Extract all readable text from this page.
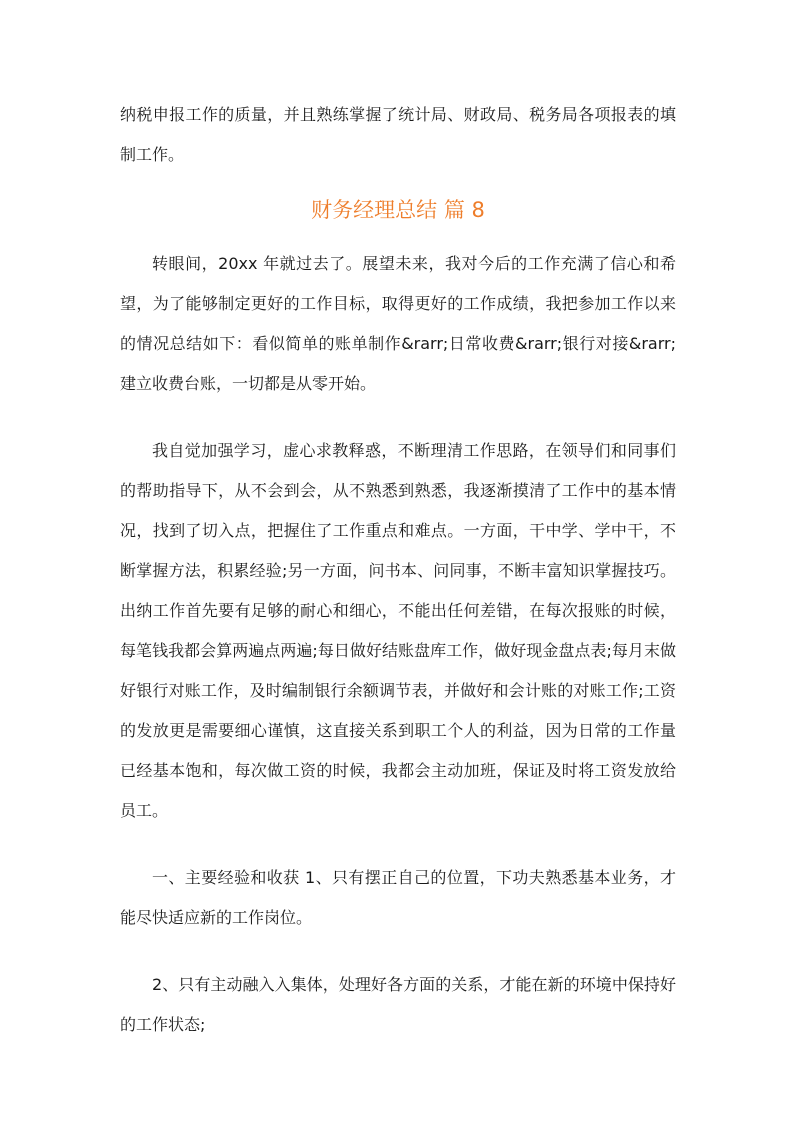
纳税申报工作的质量，并且熟练掌握了统计局、财政局、税务局各项报表的填制工作。

财务经理总结 篇 8

转眼间，20xx 年就过去了。展望未来，我对今后的工作充满了信心和希望，为了能够制定更好的工作目标，取得更好的工作成绩，我把参加工作以来的情况总结如下：看似简单的账单制作&rarr;日常收费&rarr;银行对接&rarr;建立收费台账，一切都是从零开始。

我自觉加强学习，虚心求教释惑，不断理清工作思路，在领导们和同事们的帮助指导下，从不会到会，从不熟悉到熟悉，我逐渐摸清了工作中的基本情况，找到了切入点，把握住了工作重点和难点。一方面，干中学、学中干，不断掌握方法，积累经验;另一方面，问书本、问同事，不断丰富知识掌握技巧。出纳工作首先要有足够的耐心和细心，不能出任何差错，在每次报账的时候，每笔钱我都会算两遍点两遍;每日做好结账盘库工作，做好现金盘点表;每月末做好银行对账工作，及时编制银行余额调节表，并做好和会计账的对账工作;工资的发放更是需要细心谨慎，这直接关系到职工个人的利益，因为日常的工作量已经基本饱和，每次做工资的时候，我都会主动加班，保证及时将工资发放给员工。

一、主要经验和收获 1、只有摆正自己的位置，下功夫熟悉基本业务，才能尽快适应新的工作岗位。

2、只有主动融入入集体，处理好各方面的关系，才能在新的环境中保持好的工作状态;
